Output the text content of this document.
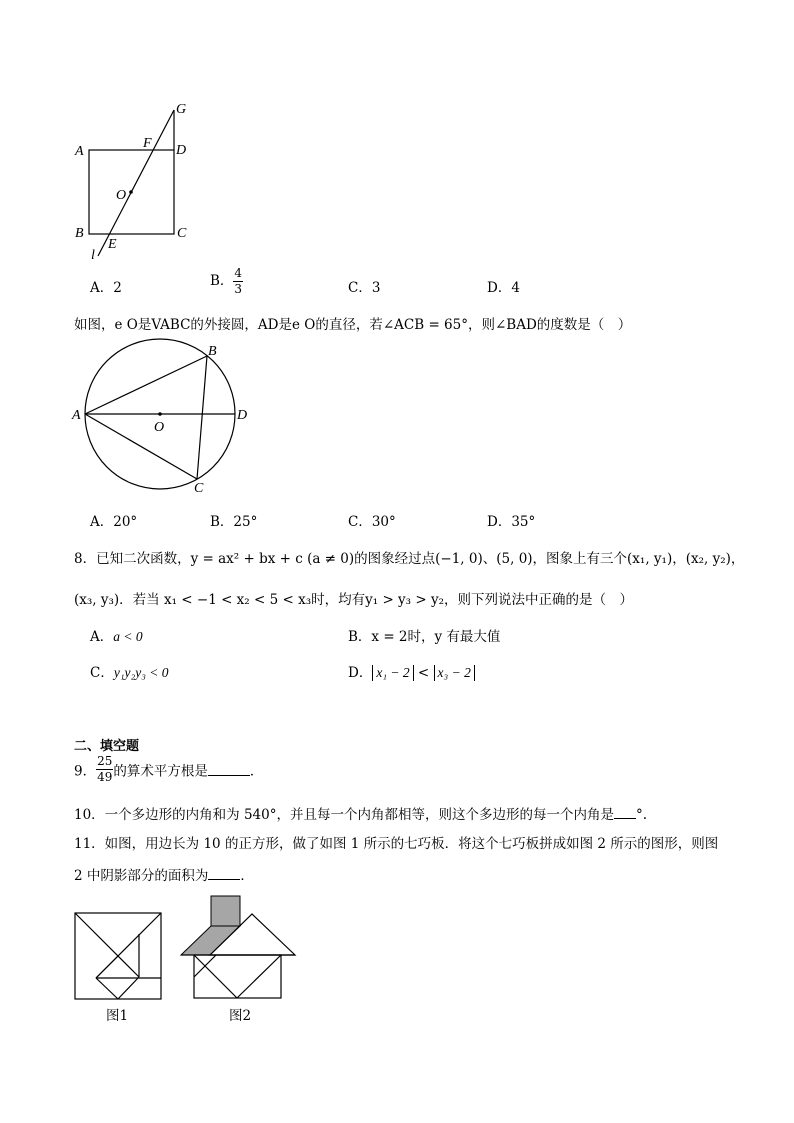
G
A
F D
O
B
E
C
l
A．2	B． $\frac{4}{3}$	C．3	D．4
如图，e O是VABC的外接圆，AD是e O的直径，若∠ACB = 65°，则∠BAD的度数是（　）
A
B
O
D
C
A．20°	B．25°	C．30°	D．35°
8．已知二次函数，y = ax² + bx + c (a ≠ 0)的图象经过点(−1, 0)、(5, 0)，图象上有三个(x₁, y₁)，(x₂, y₂)，
(x₃, y₃)．若当 x₁ < −1 < x₂ < 5 < x₃时，均有y₁ > y₃ > y₂，则下列说法中正确的是（　）
A．a < 0	B．x = 2时，y 有最大值
C．y₁y₂y₃ < 0	D． x₁ − 2 < x₃ − 2
二、填空题
9． $\frac{25}{49}$ 的算术平方根是	．
10．一个多边形的内角和为 540°，并且每一个内角都相等，则这个多边形的每一个内角是 °.
11．如图，用边长为 10 的正方形，做了如图 1 所示的七巧板．将这个七巧板拼成如图 2 所示的图形，则图
2 中阴影部分的面积为 ．
图1	图2
